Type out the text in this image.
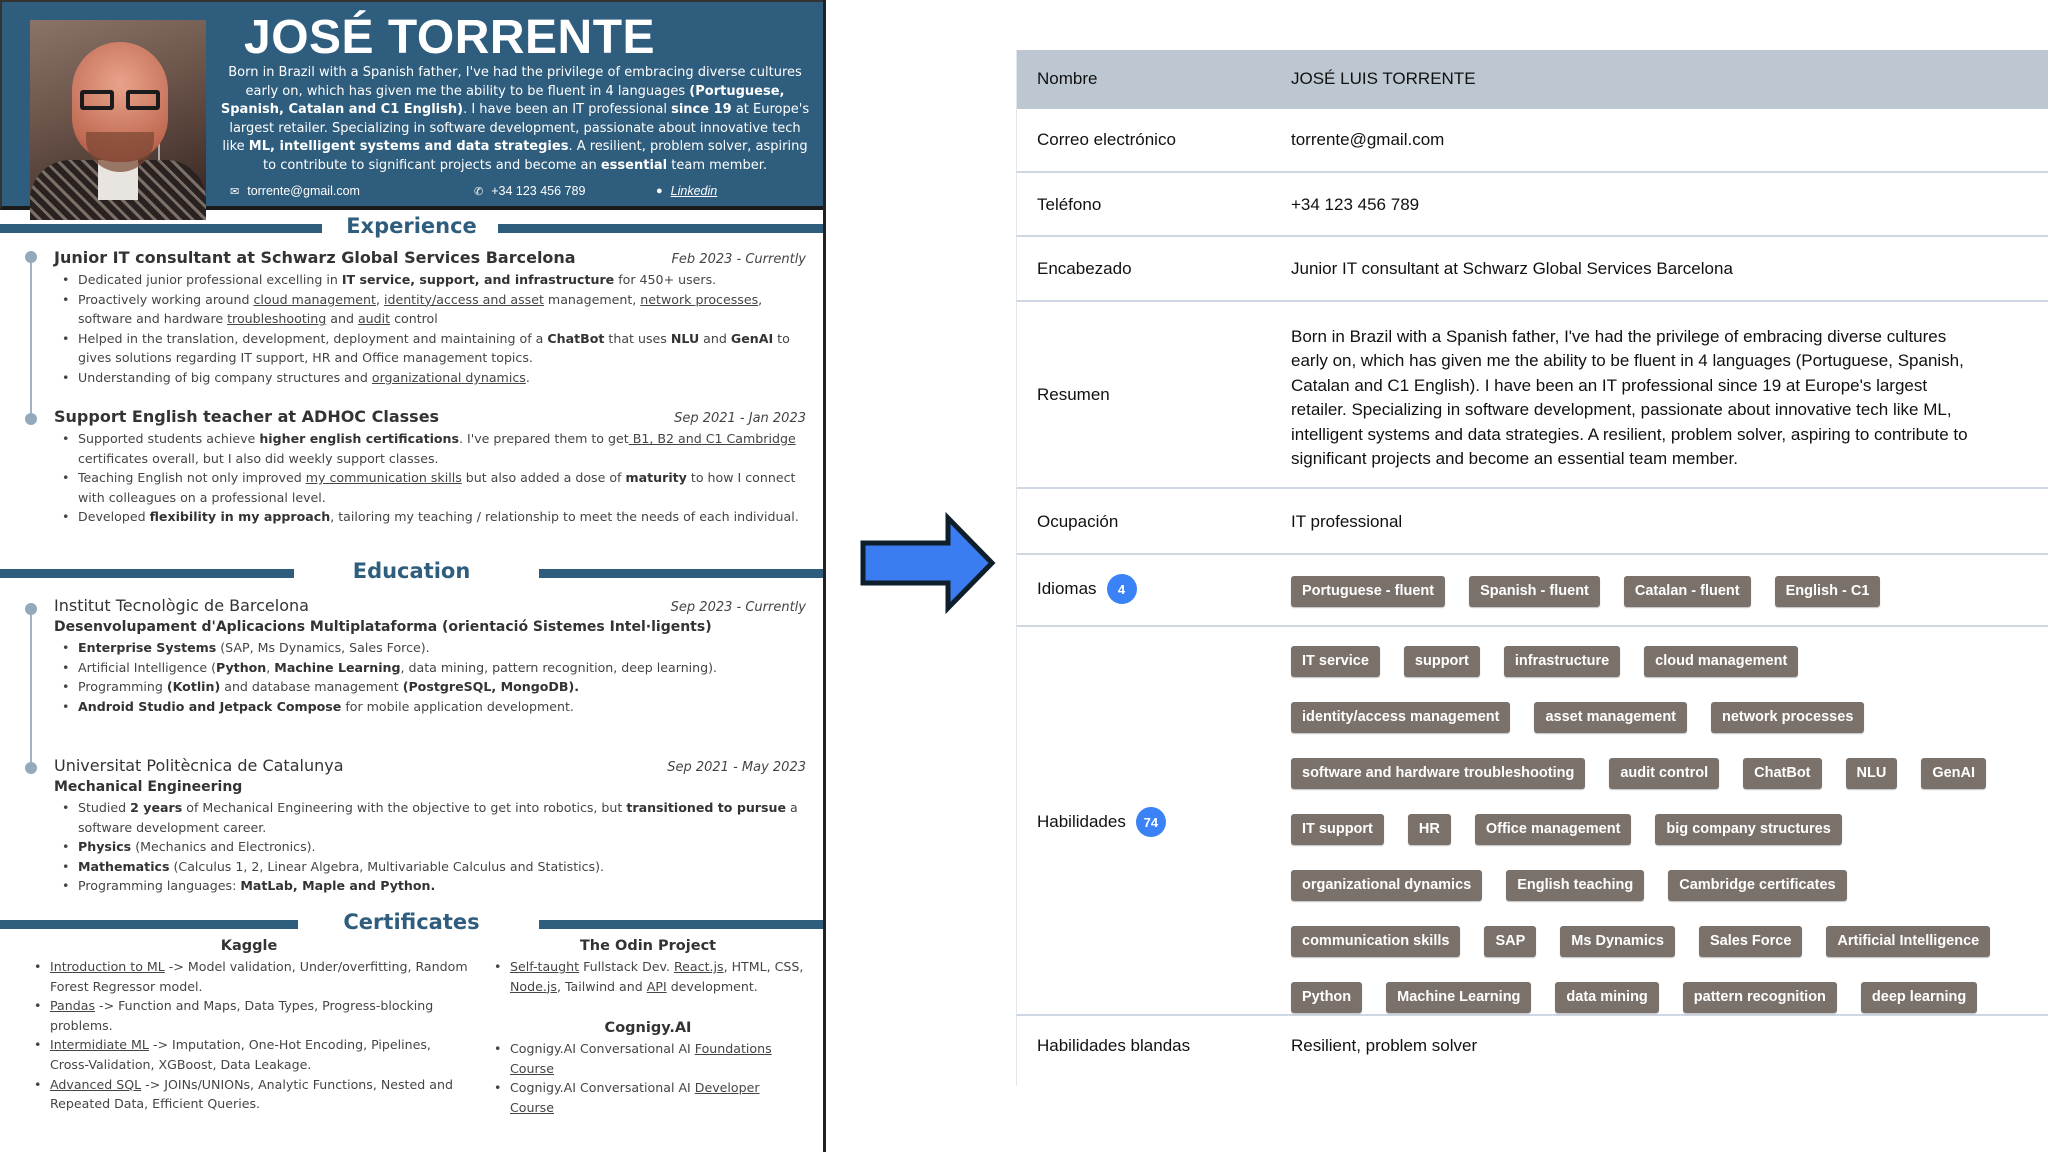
JOSÉ TORRENTE
Born in Brazil with a Spanish father, I've had the privilege of embracing diverse cultures early on, which has given me the ability to be fluent in 4 languages (Portuguese, Spanish, Catalan and C1 English). I have been an IT professional since 19 at Europe's largest retailer. Specializing in software development, passionate about innovative tech like ML, intelligent systems and data strategies. A resilient, problem solver, aspiring to contribute to significant projects and become an essential team member.
✉ torrente@gmail.com	✆ +34 123 456 789	● Linkedin
Experience
Junior IT consultant at Schwarz Global Services Barcelona	Feb 2023 - Currently
• Dedicated junior professional excelling in IT service, support, and infrastructure for 450+ users.
• Proactively working around cloud management, identity/access and asset management, network processes, software and hardware troubleshooting and audit control
• Helped in the translation, development, deployment and maintaining of a ChatBot that uses NLU and GenAI to gives solutions regarding IT support, HR and Office management topics.
• Understanding of big company structures and organizational dynamics.
Support English teacher at ADHOC Classes	Sep 2021 - Jan 2023
• Supported students achieve higher english certifications. I've prepared them to get B1, B2 and C1 Cambridge certificates overall, but I also did weekly support classes.
• Teaching English not only improved my communication skills but also added a dose of maturity to how I connect with colleagues on a professional level.
• Developed flexibility in my approach, tailoring my teaching / relationship to meet the needs of each individual.
Education
Institut Tecnològic de Barcelona	Sep 2023 - Currently
Desenvolupament d'Aplicacions Multiplataforma (orientació Sistemes Intel·ligents)
• Enterprise Systems (SAP, Ms Dynamics, Sales Force).
• Artificial Intelligence (Python, Machine Learning, data mining, pattern recognition, deep learning).
• Programming (Kotlin) and database management (PostgreSQL, MongoDB).
• Android Studio and Jetpack Compose for mobile application development.
Universitat Politècnica de Catalunya	Sep 2021 - May 2023
Mechanical Engineering
• Studied 2 years of Mechanical Engineering with the objective to get into robotics, but transitioned to pursue a software development career.
• Physics (Mechanics and Electronics).
• Mathematics (Calculus 1, 2, Linear Algebra, Multivariable Calculus and Statistics).
• Programming languages: MatLab, Maple and Python.
Certificates
Kaggle
• Introduction to ML -> Model validation, Under/overfitting, Random Forest Regressor model.
• Pandas -> Function and Maps, Data Types, Progress-blocking problems.
• Intermidiate ML -> Imputation, One-Hot Encoding, Pipelines, Cross-Validation, XGBoost, Data Leakage.
• Advanced SQL -> JOINs/UNIONs, Analytic Functions, Nested and Repeated Data, Efficient Queries.
The Odin Project
• Self-taught Fullstack Dev. React.js, HTML, CSS, Node.js, Tailwind and API development.
Cognigy.AI
• Cognigy.AI Conversational AI Foundations Course
• Cognigy.AI Conversational AI Developer Course
Nombre	JOSÉ LUIS TORRENTE
Correo electrónico	torrente@gmail.com
Teléfono	+34 123 456 789
Encabezado	Junior IT consultant at Schwarz Global Services Barcelona
Resumen
Born in Brazil with a Spanish father, I've had the privilege of embracing diverse cultures early on, which has given me the ability to be fluent in 4 languages (Portuguese, Spanish, Catalan and C1 English). I have been an IT professional since 19 at Europe's largest retailer. Specializing in software development, passionate about innovative tech like ML, intelligent systems and data strategies. A resilient, problem solver, aspiring to contribute to significant projects and become an essential team member.
Ocupación	IT professional
Idiomas	4	Portuguese - fluent	Spanish - fluent	Catalan - fluent	English - C1
Habilidades	74
IT service	support	infrastructure	cloud management
identity/access management	asset management	network processes
software and hardware troubleshooting	audit control	ChatBot	NLU	GenAI
IT support	HR	Office management	big company structures
organizational dynamics	English teaching	Cambridge certificates
communication skills	SAP	Ms Dynamics	Sales Force	Artificial Intelligence
Python	Machine Learning	data mining	pattern recognition	deep learning
Habilidades blandas	Resilient, problem solver
